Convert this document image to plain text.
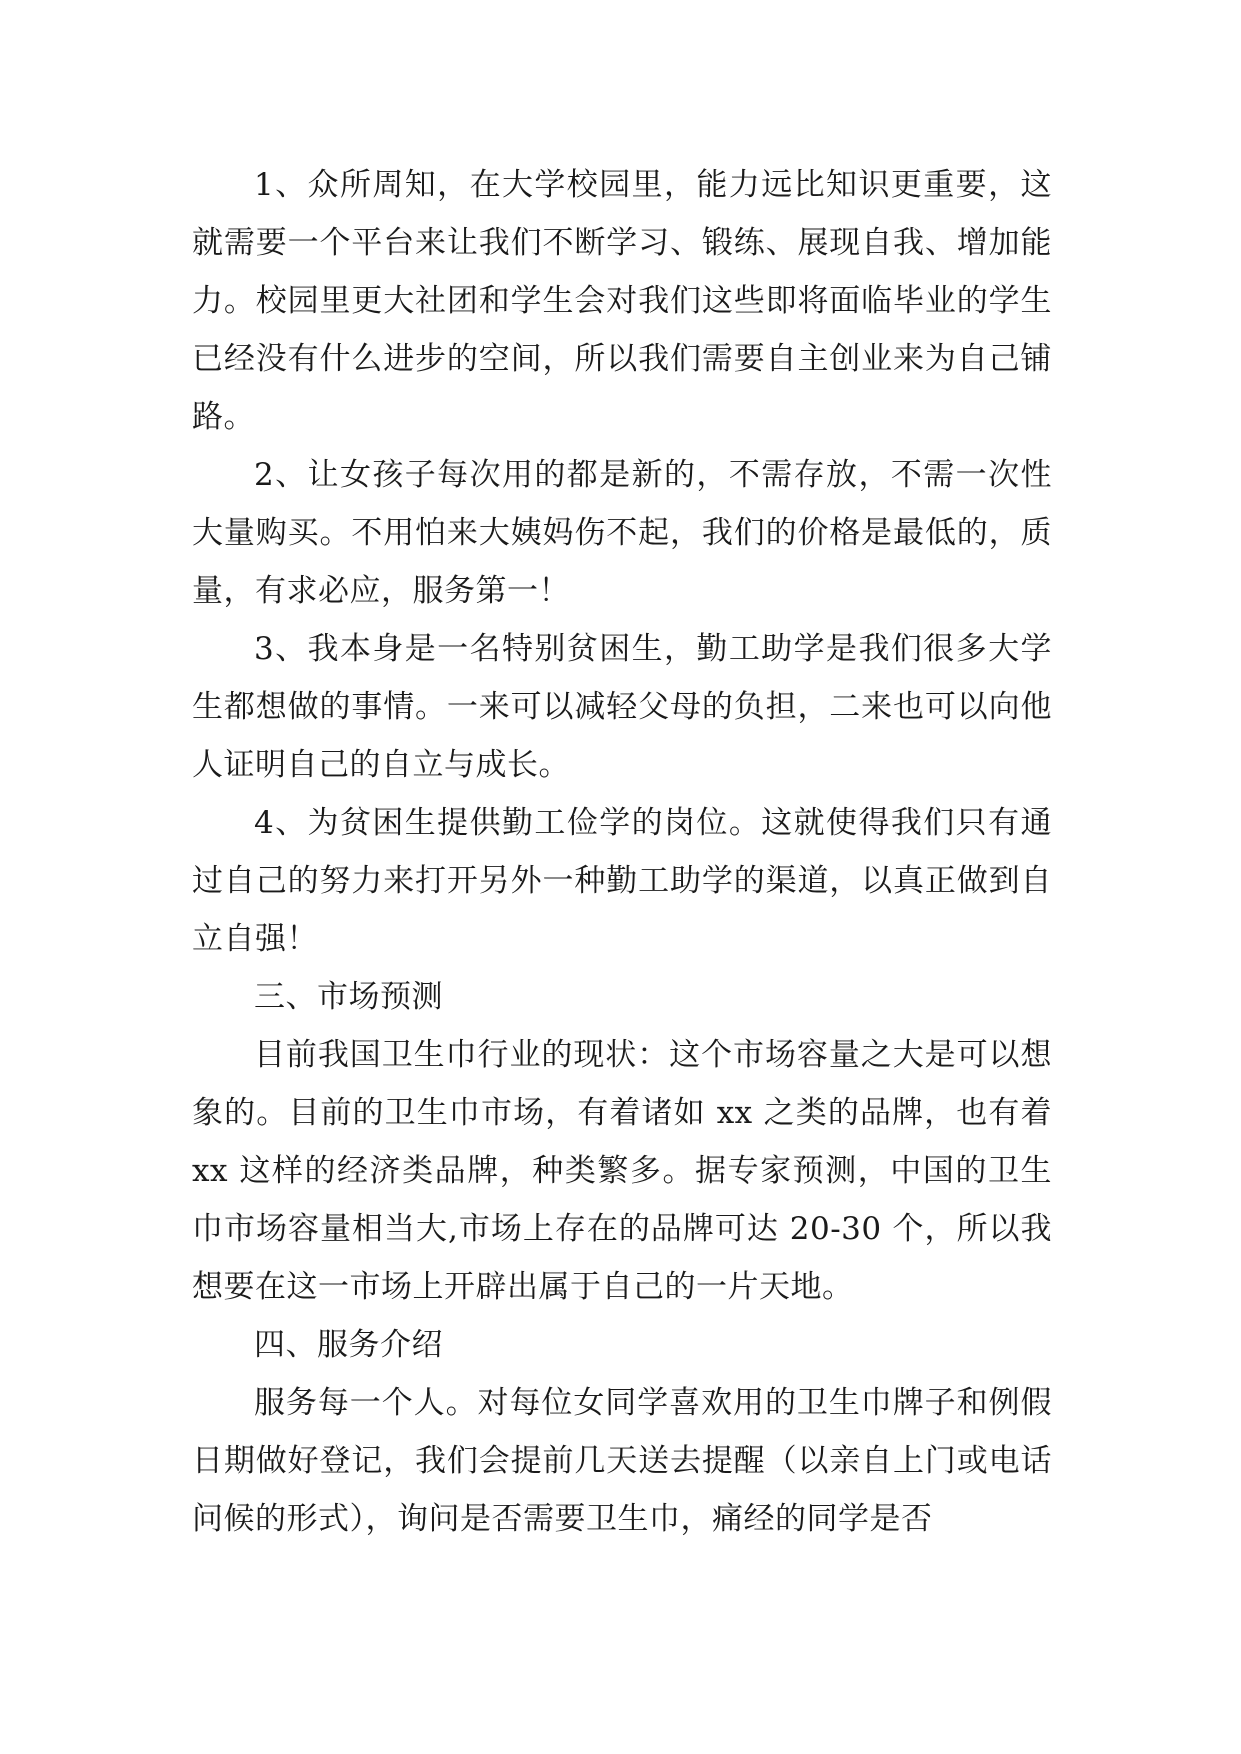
1、众所周知，在大学校园里，能力远比知识更重要，这就需要一个平台来让我们不断学习、锻练、展现自我、增加能力。校园里更大社团和学生会对我们这些即将面临毕业的学生已经没有什么进步的空间，所以我们需要自主创业来为自己铺路。

2、让女孩子每次用的都是新的，不需存放，不需一次性大量购买。不用怕来大姨妈伤不起，我们的价格是最低的，质量，有求必应，服务第一！

3、我本身是一名特别贫困生，勤工助学是我们很多大学生都想做的事情。一来可以减轻父母的负担，二来也可以向他人证明自己的自立与成长。

4、为贫困生提供勤工俭学的岗位。这就使得我们只有通过自己的努力来打开另外一种勤工助学的渠道，以真正做到自立自强！

三、市场预测

目前我国卫生巾行业的现状：这个市场容量之大是可以想象的。目前的卫生巾市场，有着诸如 xx 之类的品牌，也有着 xx 这样的经济类品牌，种类繁多。据专家预测，中国的卫生巾市场容量相当大,市场上存在的品牌可达 20-30 个，所以我想要在这一市场上开辟出属于自己的一片天地。

四、服务介绍

服务每一个人。对每位女同学喜欢用的卫生巾牌子和例假日期做好登记，我们会提前几天送去提醒（以亲自上门或电话问候的形式），询问是否需要卫生巾，痛经的同学是否
